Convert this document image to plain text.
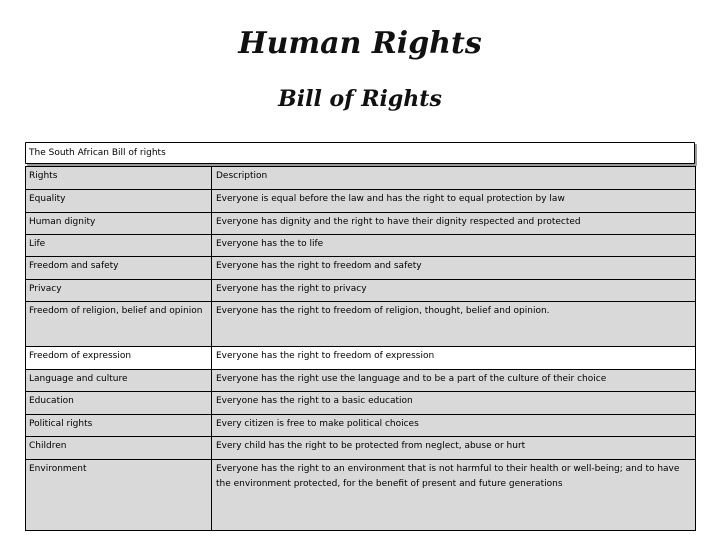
Human Rights
Bill of Rights
The South African Bill of rights
Rights	Description
Equality	Everyone is equal before the law and has the right to equal protection by law
Human dignity	Everyone has dignity and the right to have their dignity respected and protected
Life	Everyone has the to life
Freedom and safety	Everyone has the right to freedom and safety
Privacy	Everyone has the right to privacy
Freedom of religion, belief and opinion	Everyone has the right to freedom of religion, thought, belief and opinion.
Freedom of expression	Everyone has the right to freedom of expression
Language and culture	Everyone has the right use the language and to be a part of the culture of their choice
Education	Everyone has the right to a basic education
Political rights	Every citizen is free to make political choices
Children	Every child has the right to be protected from neglect, abuse or hurt
Environment	Everyone has the right to an environment that is not harmful to their health or well-being; and to have the environment protected, for the benefit of present and future generations
